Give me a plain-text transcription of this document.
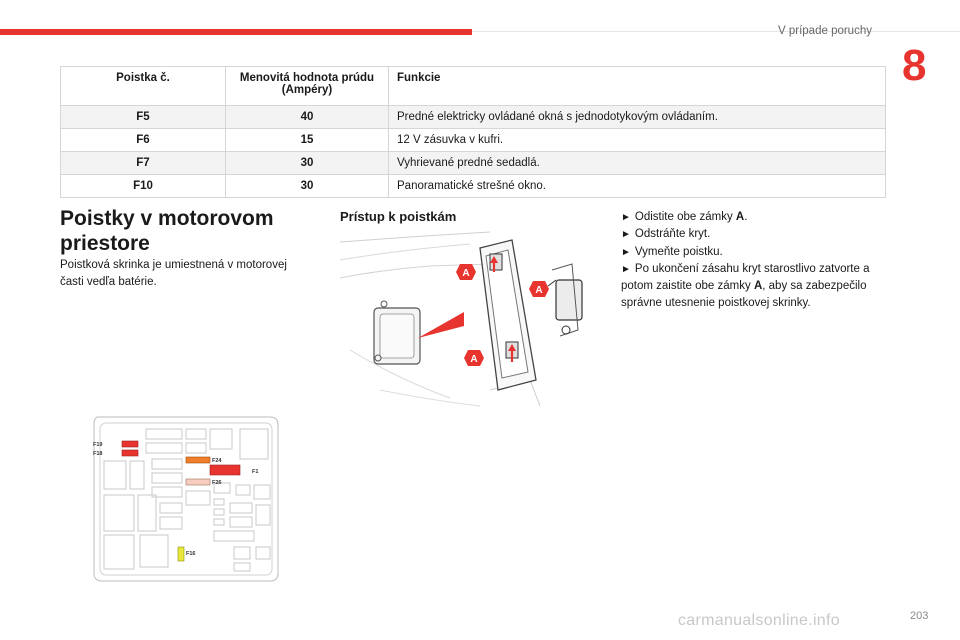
V prípade poruchy
8
Poistka č.	Menovitá hodnota prúdu (Ampéry)	Funkcie
F5	40	Predné elektricky ovládané okná s jednodotykovým ovládaním.
F6	15	12 V zásuvka v kufri.
F7	30	Vyhrievané predné sedadlá.
F10	30	Panoramatické strešné okno.
Poistky v motorovom priestore
Poistková skrinka je umiestnená v motorovej časti vedľa batérie.
Prístup k poistkám
A
A
A
► Odistite obe zámky A.
► Odstráňte kryt.
► Vymeňte poistku.
► Po ukončení zásahu kryt starostlivo zatvorte a potom zaistite obe zámky A, aby sa zabezpečilo správne utesnenie poistkovej skrinky.
F19
F18
F24
F1
F26
F16
carmanualsonline.info	203
